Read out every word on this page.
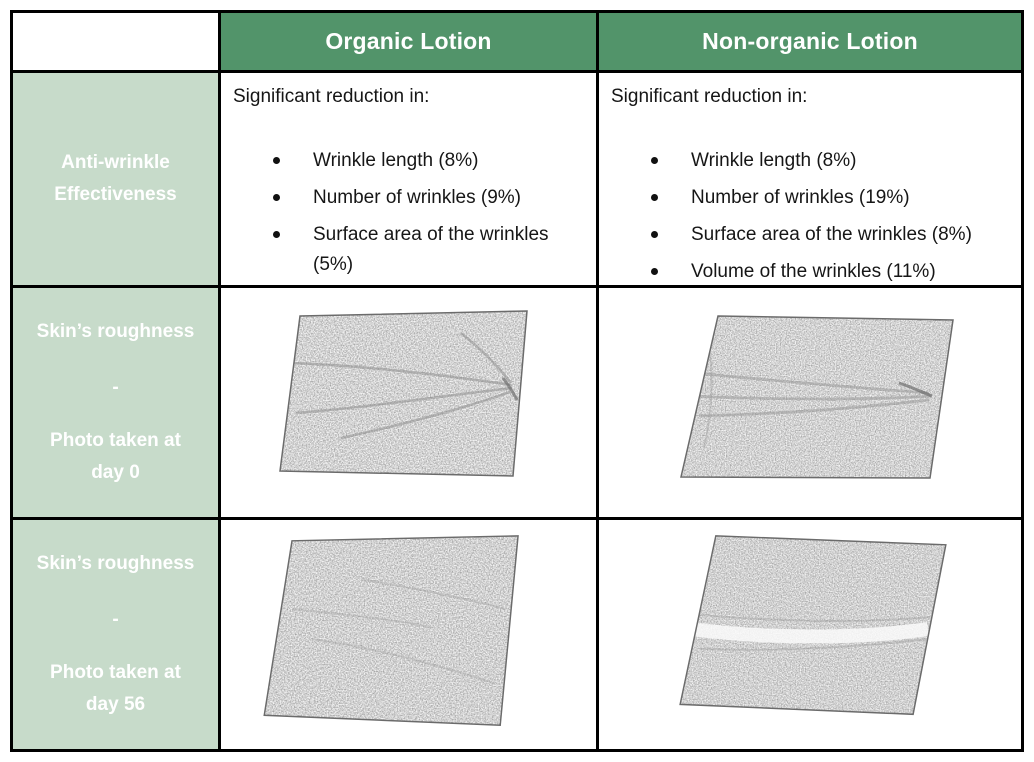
Organic Lotion	Non-organic Lotion
Anti-wrinkle
Effectiveness

Significant reduction in:

Wrinkle length (8%)
Number of wrinkles (9%)
Surface area of the wrinkles (5%)

Significant reduction in:

Wrinkle length (8%)
Number of wrinkles (19%)
Surface area of the wrinkles (8%)
Volume of the wrinkles (11%)
Skin’s roughness
-
Photo taken at
day 0
Skin’s roughness
-
Photo taken at
day 56
